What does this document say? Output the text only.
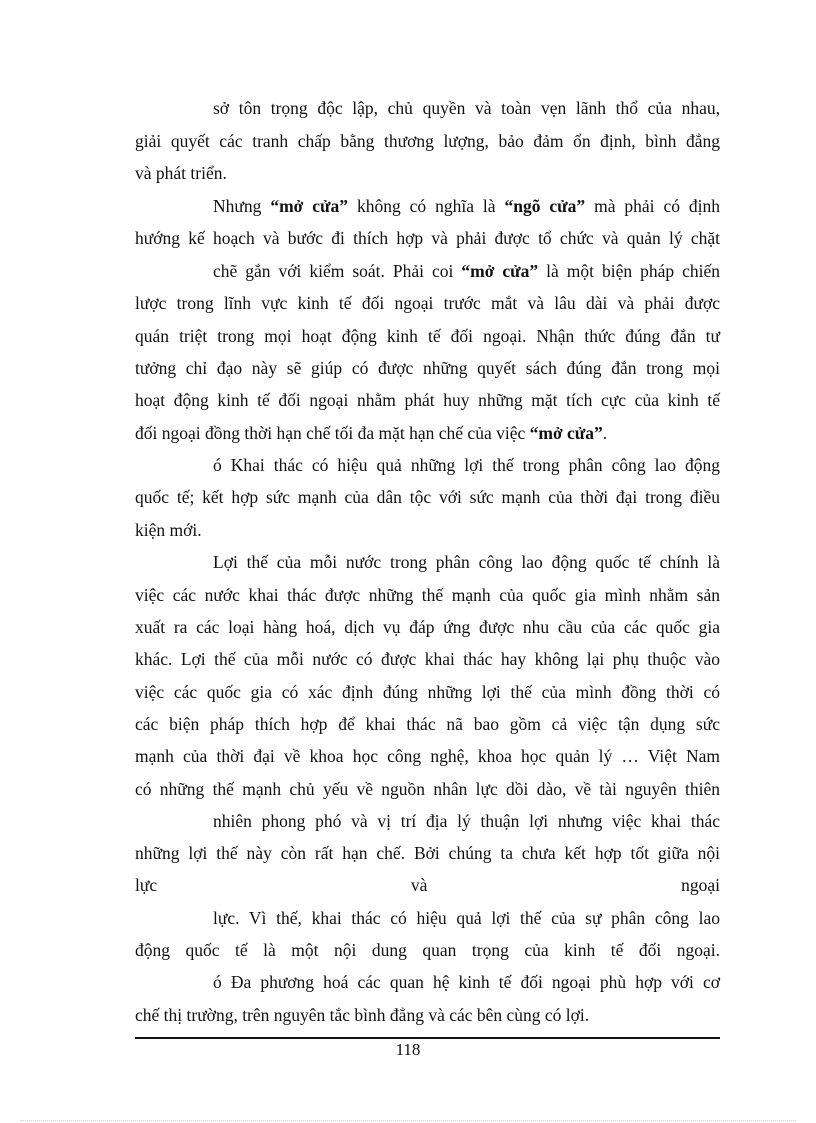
sở tôn trọng độc lập, chủ quyền và toàn vẹn lãnh thổ của nhau,
giải quyết các tranh chấp bằng thương lượng, bảo đảm ổn định, bình đẳng
và phát triển.
Nhưng “mở cửa” không có nghĩa là “ngõ cửa” mà phải có định
hướng kế hoạch và bước đi thích hợp và phải được tổ chức và quản lý chặt
chẽ gắn với kiểm soát. Phải coi “mở cửa” là một biện pháp chiến
lược trong lĩnh vực kinh tế đối ngoại trước mắt và lâu dài và phải được
quán triệt trong mọi hoạt động kinh tế đối ngoại. Nhận thức đúng đắn tư
tưởng chỉ đạo này sẽ giúp có được những quyết sách đúng đắn trong mọi
hoạt động kinh tế đối ngoại nhằm phát huy những mặt tích cực của kinh tế
đối ngoại đồng thời hạn chế tối đa mặt hạn chế của việc “mở cửa”.
ó Khai thác có hiệu quả những lợi thế trong phân công lao động
quốc tế; kết hợp sức mạnh của dân tộc với sức mạnh của thời đại trong điều
kiện mới.
Lợi thế của mỗi nước trong phân công lao động quốc tế chính là
việc các nước khai thác được những thế mạnh của quốc gia mình nhằm sản
xuất ra các loại hàng hoá, dịch vụ đáp ứng được nhu cầu của các quốc gia
khác. Lợi thế của mỗi nước có được khai thác hay không lại phụ thuộc vào
việc các quốc gia có xác định đúng những lợi thế của mình đồng thời có
các biện pháp thích hợp để khai thác nã bao gồm cả việc tận dụng sức
mạnh của thời đại về khoa học công nghệ, khoa học quản lý … Việt Nam
có những thế mạnh chủ yếu về nguồn nhân lực dồi dào, về tài nguyên thiên
nhiên phong phó và vị trí địa lý thuận lợi nhưng việc khai thác
những lợi thế này còn rất hạn chế. Bởi chúng ta chưa kết hợp tốt giữa nội
lực	và	ngoại
lực. Vì thế, khai thác có hiệu quả lợi thế của sự phân công lao
động quốc tế là một nội dung quan trọng của kinh tế đối ngoại.
ó Đa phương hoá các quan hệ kinh tế đối ngoại phù hợp với cơ
chế thị trường, trên nguyên tắc bình đẳng và các bên cùng có lợi.
118
